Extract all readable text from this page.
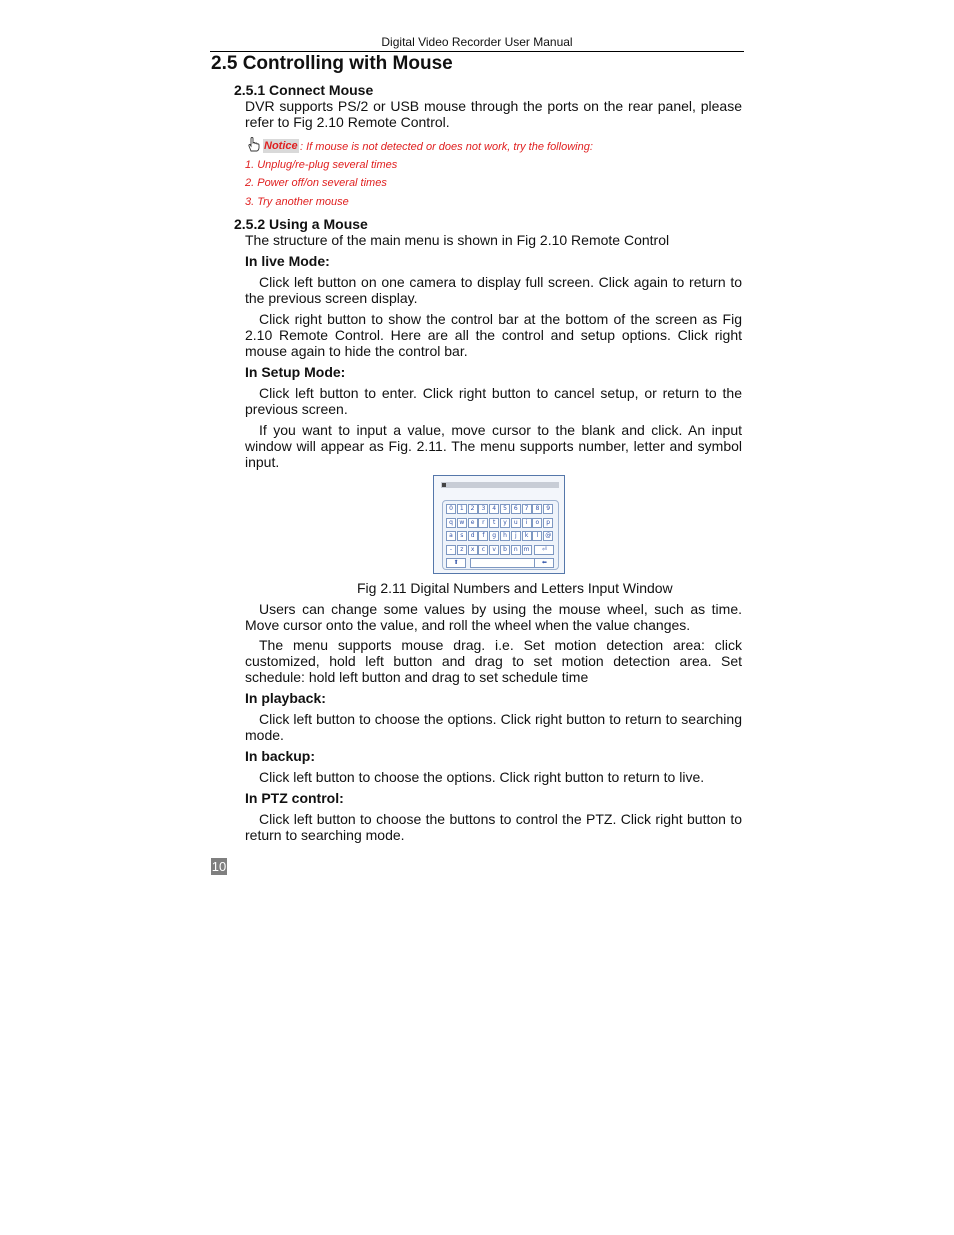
Digital Video Recorder User Manual
2.5 Controlling with Mouse
2.5.1 Connect Mouse
DVR supports PS/2 or USB mouse through the ports on the rear panel, please refer to Fig 2.10 Remote Control.
Notice : If mouse is not detected or does not work, try the following:
1. Unplug/re-plug several times
2. Power off/on several times
3. Try another mouse
2.5.2 Using a Mouse
The structure of the main menu is shown in Fig 2.10 Remote Control
In live Mode:
Click left button on one camera to display full screen. Click again to return to the previous screen display.
Click right button to show the control bar at the bottom of the screen as Fig 2.10 Remote Control. Here are all the control and setup options. Click right mouse again to hide the control bar.
In Setup Mode:
Click left button to enter. Click right button to cancel setup, or return to the previous screen.
If you want to input a value, move cursor to the blank and click. An input window will appear as Fig. 2.11. The menu supports number, letter and symbol input.
0	1	2	3	4	5	6	7	8	9
q	w	e	r	t	y	u	i	o	p
a	s	d	f	g	h	j	k	l	@
-	z	x	c	v	b	n m	⏎
⬆	⬅
Fig 2.11 Digital Numbers and Letters Input Window
Users can change some values by using the mouse wheel, such as time. Move cursor onto the value, and roll the wheel when the value changes.
The menu supports mouse drag. i.e. Set motion detection area: click customized, hold left button and drag to set motion detection area. Set schedule: hold left button and drag to set schedule time
In playback:
Click left button to choose the options. Click right button to return to searching mode.
In backup:
Click left button to choose the options. Click right button to return to live.
In PTZ control:
Click left button to choose the buttons to control the PTZ. Click right button to return to searching mode.
10
